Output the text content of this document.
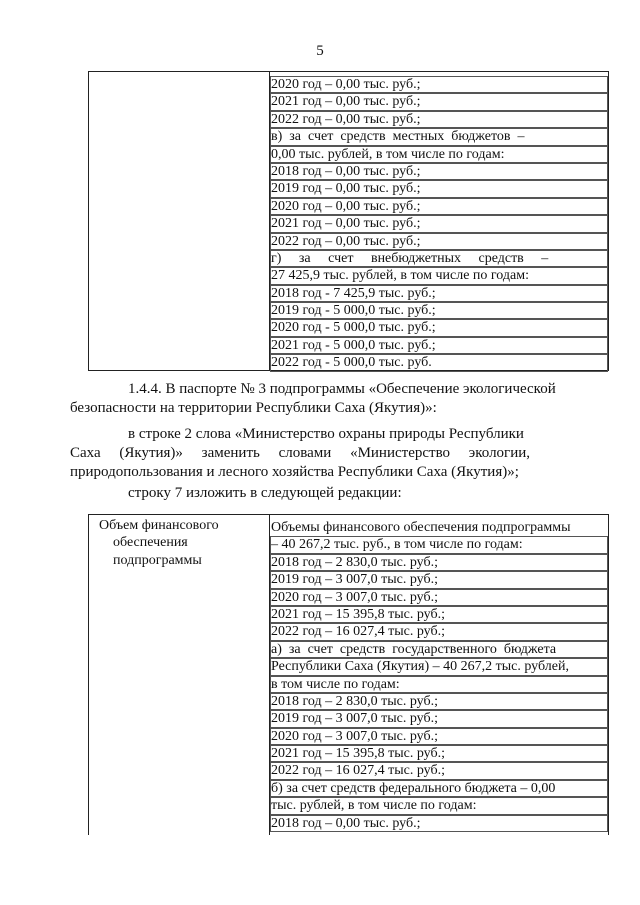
5
2020 год – 0,00 тыс. руб.;
2021 год – 0,00 тыс. руб.;
2022 год – 0,00 тыс. руб.;
в)  за  счет  средств  местных  бюджетов  –
0,00 тыс. рублей, в том числе по годам:
2018 год – 0,00 тыс. руб.;
2019 год – 0,00 тыс. руб.;
2020 год – 0,00 тыс. руб.;
2021 год – 0,00 тыс. руб.;
2022 год – 0,00 тыс. руб.;
г)     за     счет     внебюджетных     средств     –
27 425,9 тыс. рублей, в том числе по годам:
2018 год - 7 425,9 тыс. руб.;
2019 год - 5 000,0 тыс. руб.;
2020 год - 5 000,0 тыс. руб.;
2021 год - 5 000,0 тыс. руб.;
2022 год - 5 000,0 тыс. руб.
1.4.4. В паспорте № 3 подпрограммы «Обеспечение экологической
безопасности на территории Республики Саха (Якутия)»:
в строке 2 слова «Министерство охраны природы Республики
Саха     (Якутия)»     заменить     словами     «Министерство     экологии,
природопользования и лесного хозяйства Республики Саха (Якутия)»;
строку 7 изложить в следующей редакции:
Объем финансового
обеспечения
подпрограммы
Объемы финансового обеспечения подпрограммы
– 40 267,2 тыс. руб., в том числе по годам:
2018 год – 2 830,0 тыс. руб.;
2019 год – 3 007,0 тыс. руб.;
2020 год – 3 007,0 тыс. руб.;
2021 год – 15 395,8 тыс. руб.;
2022 год – 16 027,4 тыс. руб.;
а)  за  счет  средств  государственного  бюджета
Республики Саха (Якутия) – 40 267,2 тыс. рублей,
в том числе по годам:
2018 год – 2 830,0 тыс. руб.;
2019 год – 3 007,0 тыс. руб.;
2020 год – 3 007,0 тыс. руб.;
2021 год – 15 395,8 тыс. руб.;
2022 год – 16 027,4 тыс. руб.;
б) за счет средств федерального бюджета – 0,00
тыс. рублей, в том числе по годам:
2018 год – 0,00 тыс. руб.;
